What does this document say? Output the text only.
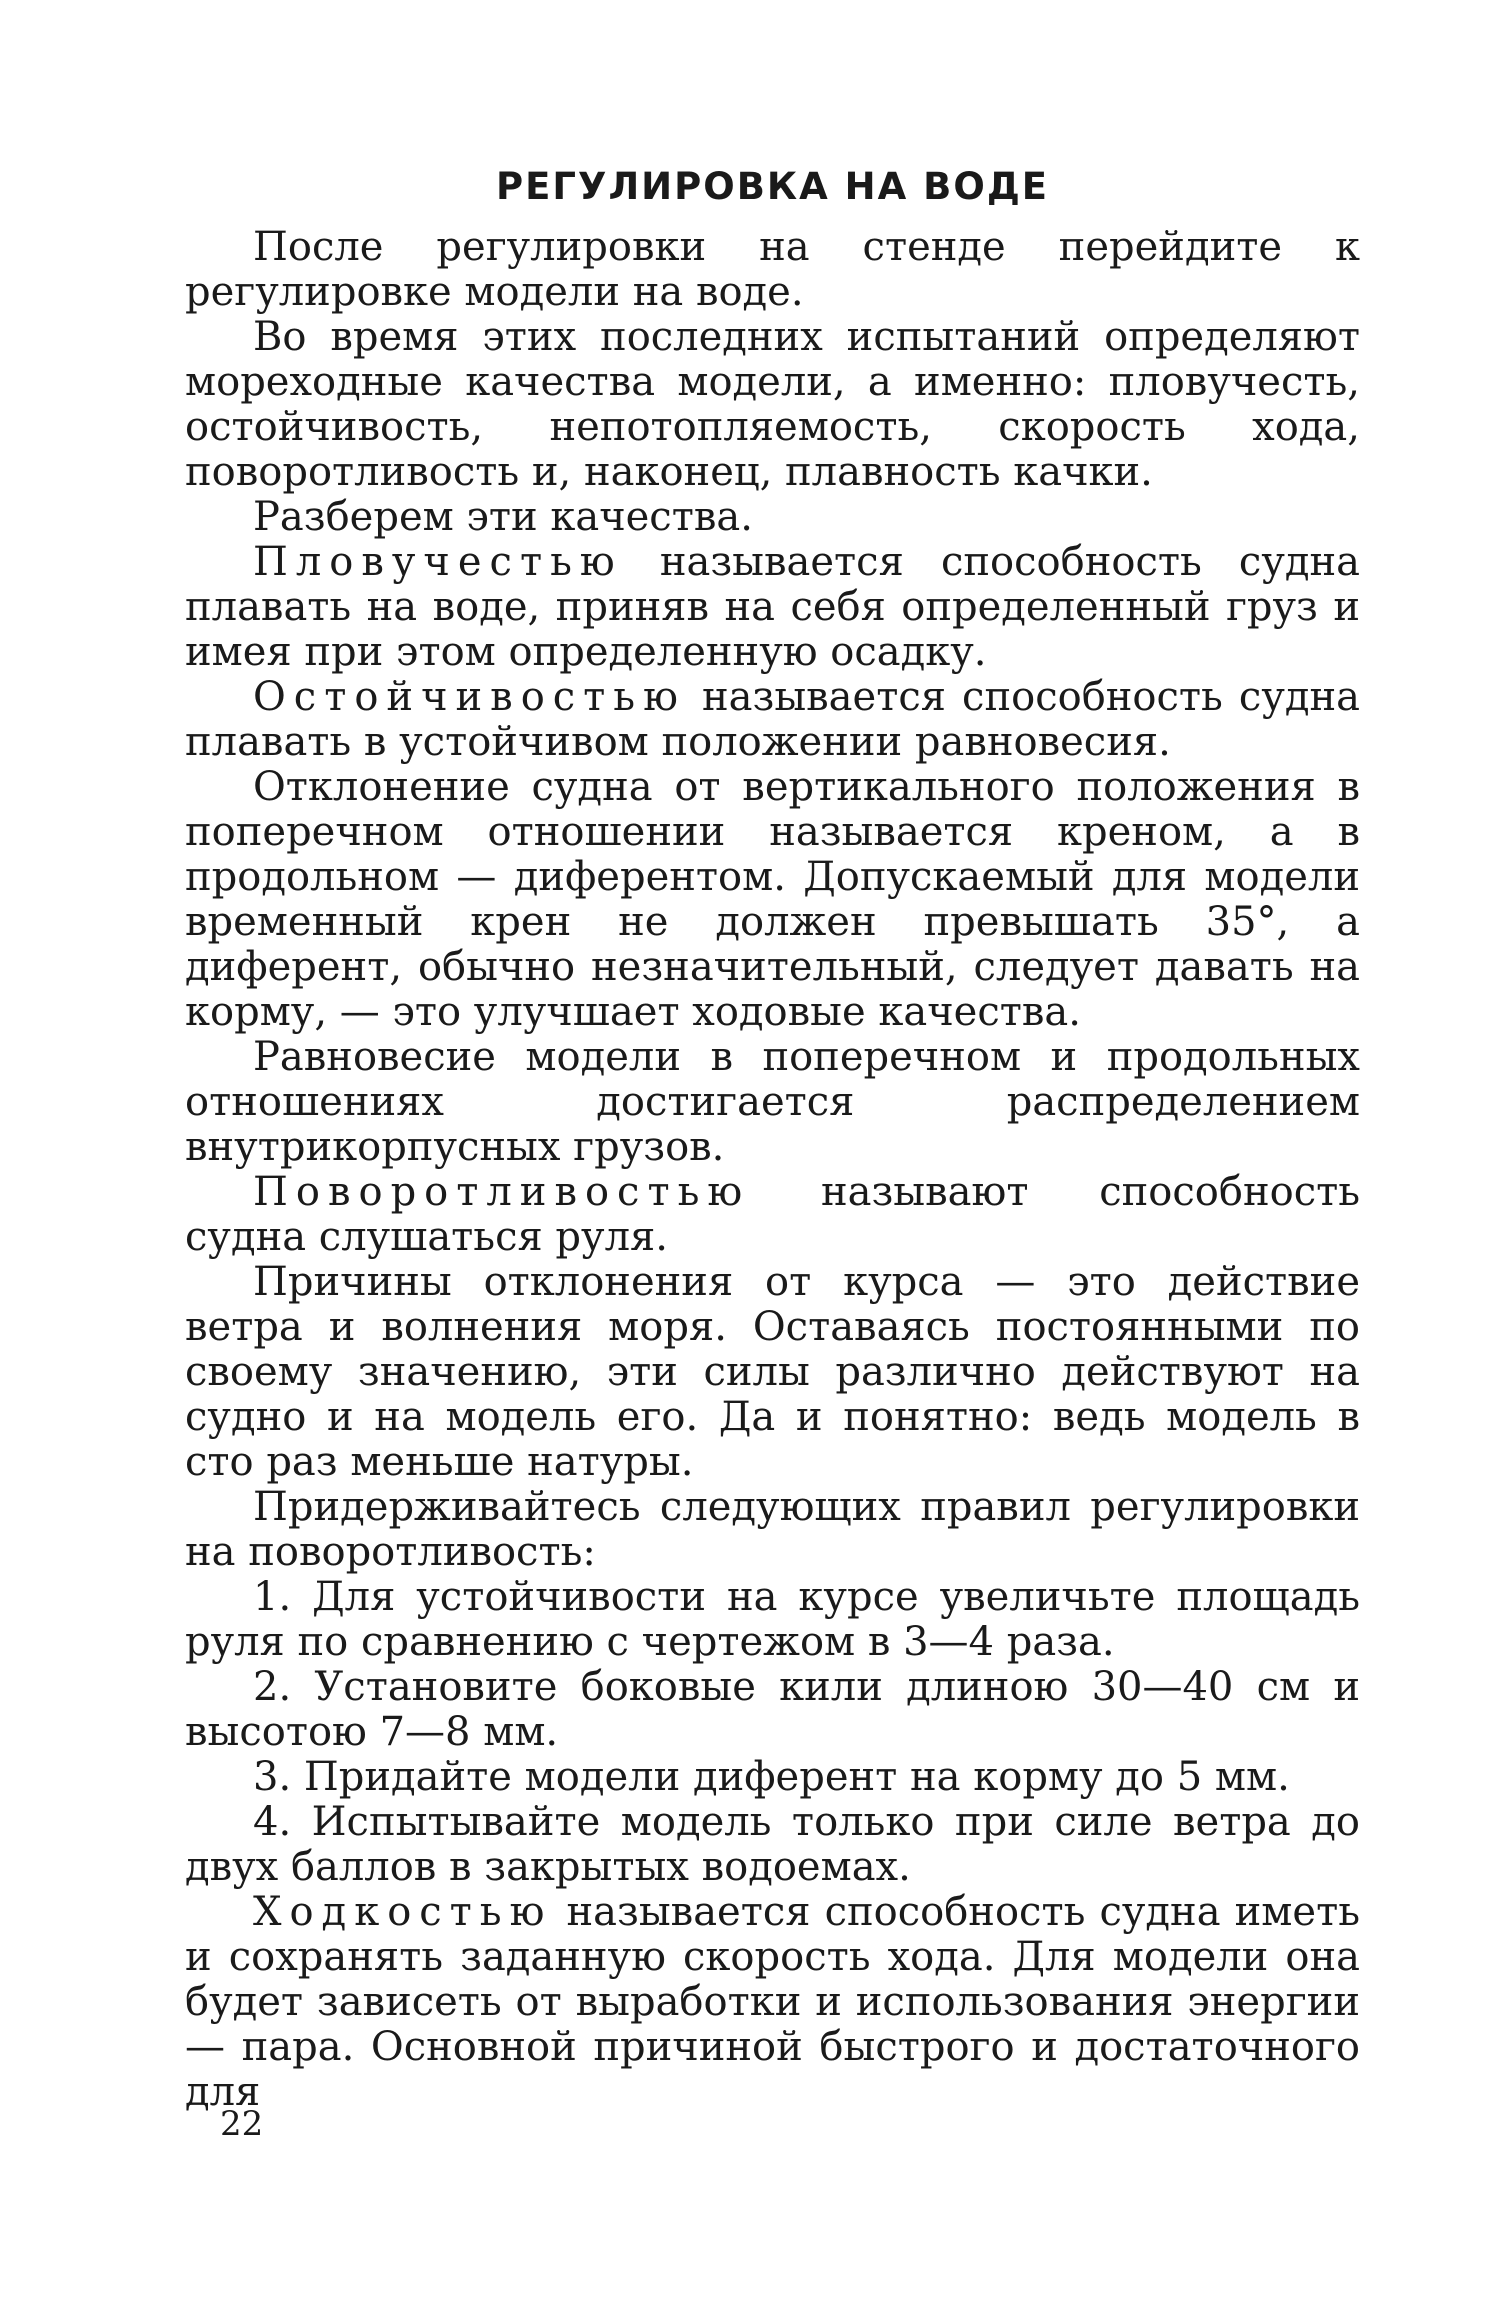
РЕГУЛИРОВКА НА ВОДЕ

После регулировки на стенде перейдите к регулировке модели на воде.

Во время этих последних испытаний определяют мореходные качества модели, а именно: пловучесть, остойчивость, непотопляемость, скорость хода, поворотливость и, наконец, плавность качки.

Разберем эти качества.

Пловучестью называется способность судна плавать на воде, приняв на себя определенный груз и имея при этом определенную осадку.

Остойчивостью называется способность судна плавать в устойчивом положении равновесия.

Отклонение судна от вертикального положения в поперечном отношении называется креном, а в продольном — диферентом. Допускаемый для модели временный крен не должен превышать 35°, а диферент, обычно незначительный, следует давать на корму, — это улучшает ходовые качества.

Равновесие модели в поперечном и продольных отношениях достигается распределением внутрикорпусных грузов.

Поворотливостью называют способность судна слушаться руля.

Причины отклонения от курса — это действие ветра и волнения моря. Оставаясь постоянными по своему значению, эти силы различно действуют на судно и на модель его. Да и понятно: ведь модель в сто раз меньше натуры.

Придерживайтесь следующих правил регулировки на поворотливость:

1. Для устойчивости на курсе увеличьте площадь руля по сравнению с чертежом в 3—4 раза.

2. Установите боковые кили длиною 30—40 см и высотою 7—8 мм.

3. Придайте модели диферент на корму до 5 мм.

4. Испытывайте модель только при силе ветра до двух баллов в закрытых водоемах.

Ходкостью называется способность судна иметь и сохранять заданную скорость хода. Для модели она будет зависеть от выработки и использования энергии — пара. Основной причиной быстрого и достаточного для

22
